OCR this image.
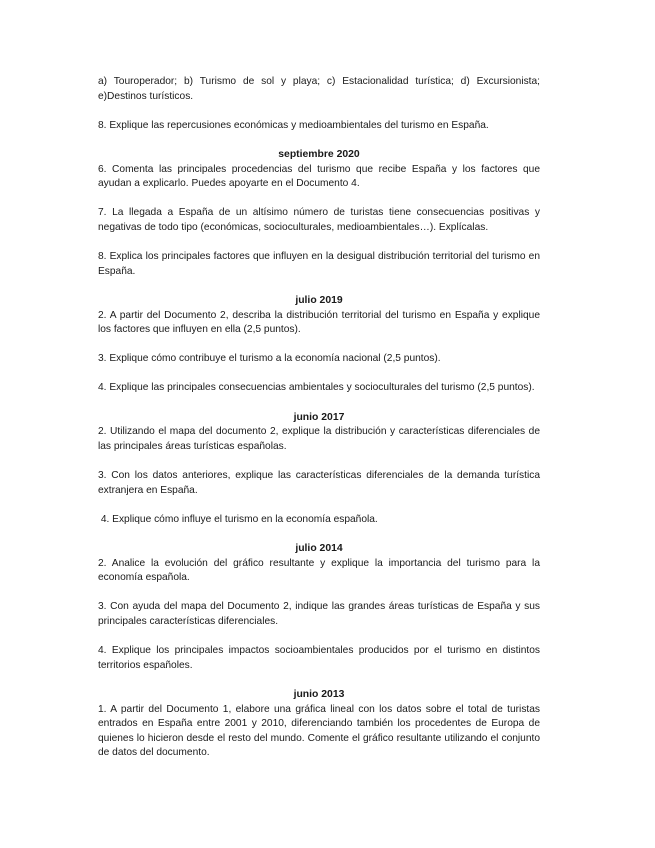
a) Touroperador; b) Turismo de sol y playa; c) Estacionalidad turística; d) Excursionista; e)Destinos turísticos.

8. Explique las repercusiones económicas y medioambientales del turismo en España.

septiembre 2020

6. Comenta las principales procedencias del turismo que recibe España y los factores que ayudan a explicarlo. Puedes apoyarte en el Documento 4.

7. La llegada a España de un altísimo número de turistas tiene consecuencias positivas y negativas de todo tipo (económicas, socioculturales, medioambientales…). Explícalas.

8. Explica los principales factores que influyen en la desigual distribución territorial del turismo en España.

julio 2019

2. A partir del Documento 2, describa la distribución territorial del turismo en España y explique los factores que influyen en ella (2,5 puntos).

3. Explique cómo contribuye el turismo a la economía nacional (2,5 puntos).

4. Explique las principales consecuencias ambientales y socioculturales del turismo (2,5 puntos).

junio 2017

2. Utilizando el mapa del documento 2, explique la distribución y características diferenciales de las principales áreas turísticas españolas.

3. Con los datos anteriores, explique las características diferenciales de la demanda turística extranjera en España.

4. Explique cómo influye el turismo en la economía española.

julio 2014

2. Analice la evolución del gráfico resultante y explique la importancia del turismo para la economía española.

3. Con ayuda del mapa del Documento 2, indique las grandes áreas turísticas de España y sus principales características diferenciales.

4. Explique los principales impactos socioambientales producidos por el turismo en distintos territorios españoles.

junio 2013

1. A partir del Documento 1, elabore una gráfica lineal con los datos sobre el total de turistas entrados en España entre 2001 y 2010, diferenciando también los procedentes de Europa de quienes lo hicieron desde el resto del mundo. Comente el gráfico resultante utilizando el conjunto de datos del documento.
